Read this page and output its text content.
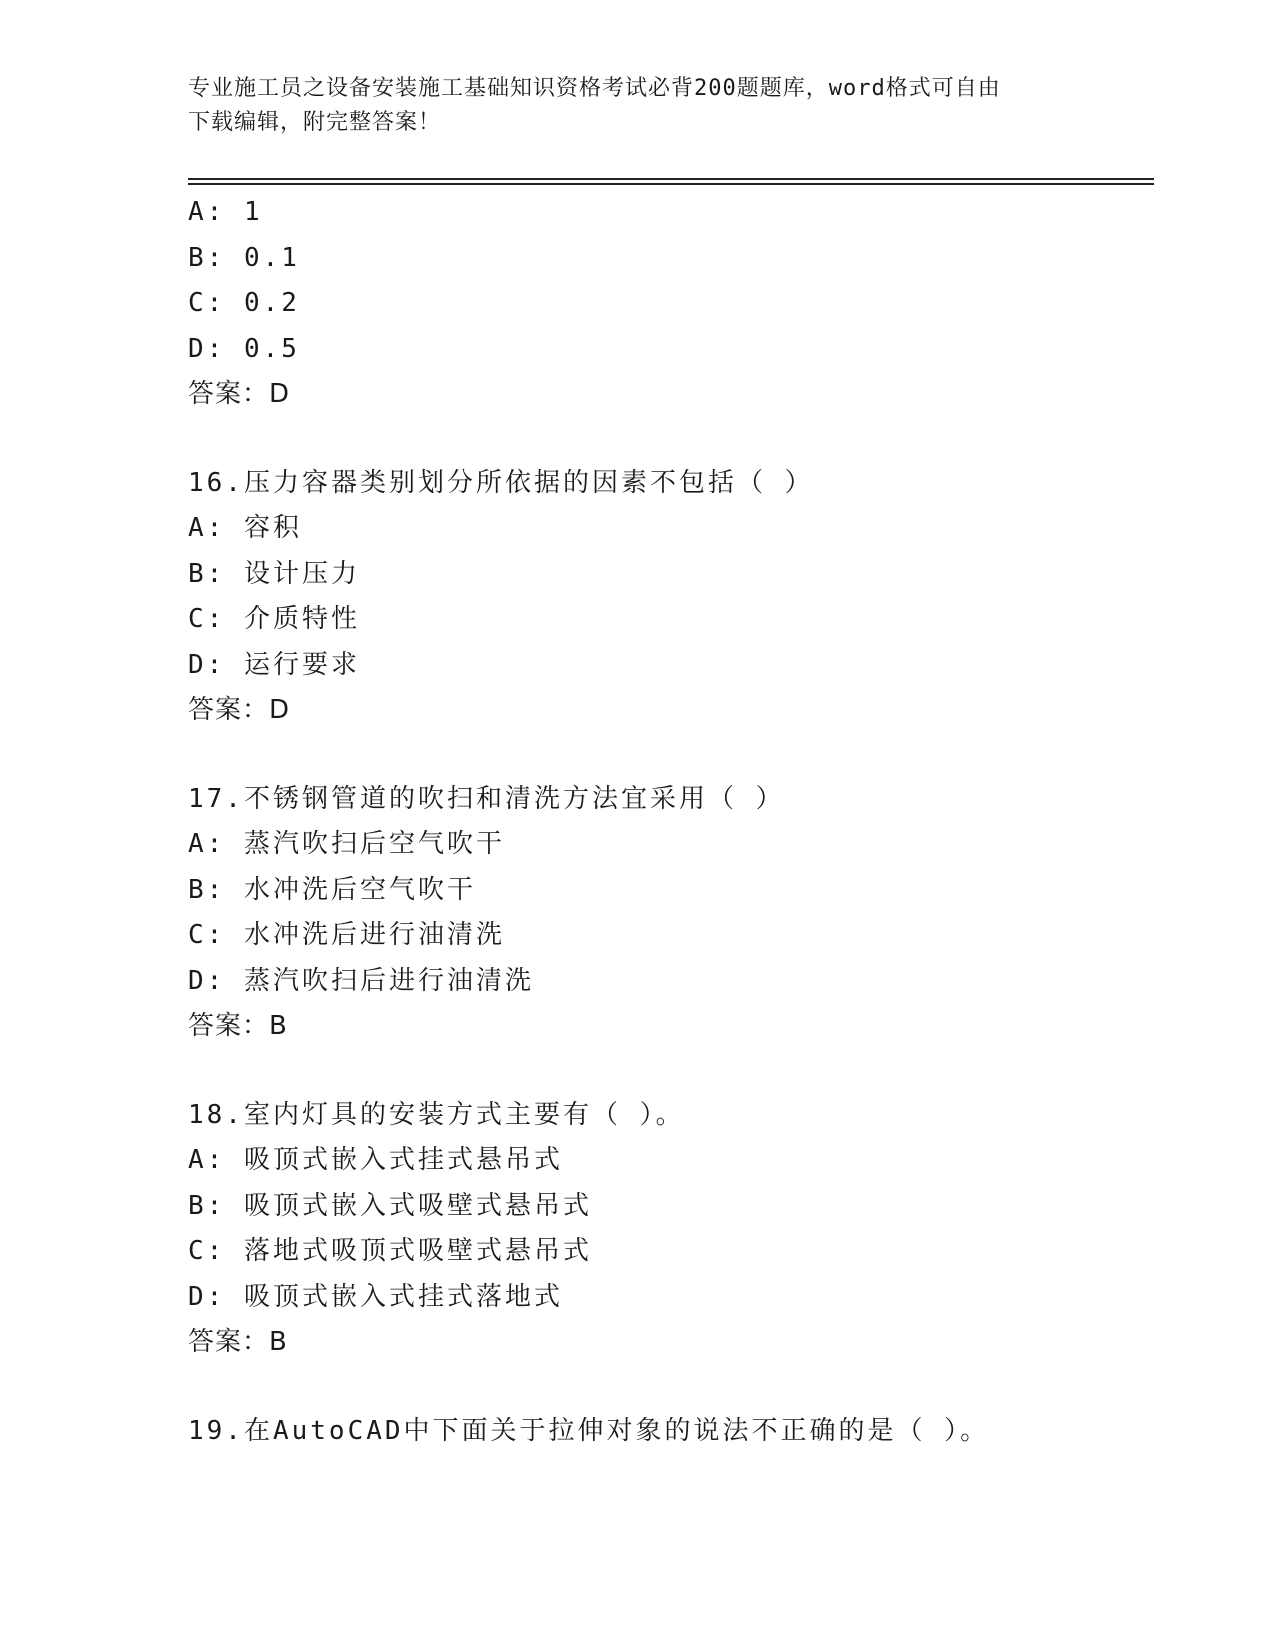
专业施工员之设备安装施工基础知识资格考试必背200题题库，word格式可自由
下载编辑，附完整答案！
A: 1
B: 0.1
C: 0.2
D: 0.5
答案：D
16.压力容器类别划分所依据的因素不包括（ ）
A: 容积
B: 设计压力
C: 介质特性
D: 运行要求
答案：D
17.不锈钢管道的吹扫和清洗方法宜采用（ ）
A: 蒸汽吹扫后空气吹干
B: 水冲洗后空气吹干
C: 水冲洗后进行油清洗
D: 蒸汽吹扫后进行油清洗
答案：B
18.室内灯具的安装方式主要有（ ）。
A: 吸顶式嵌入式挂式悬吊式
B: 吸顶式嵌入式吸壁式悬吊式
C: 落地式吸顶式吸壁式悬吊式
D: 吸顶式嵌入式挂式落地式
答案：B
19.在AutoCAD中下面关于拉伸对象的说法不正确的是（ ）。
